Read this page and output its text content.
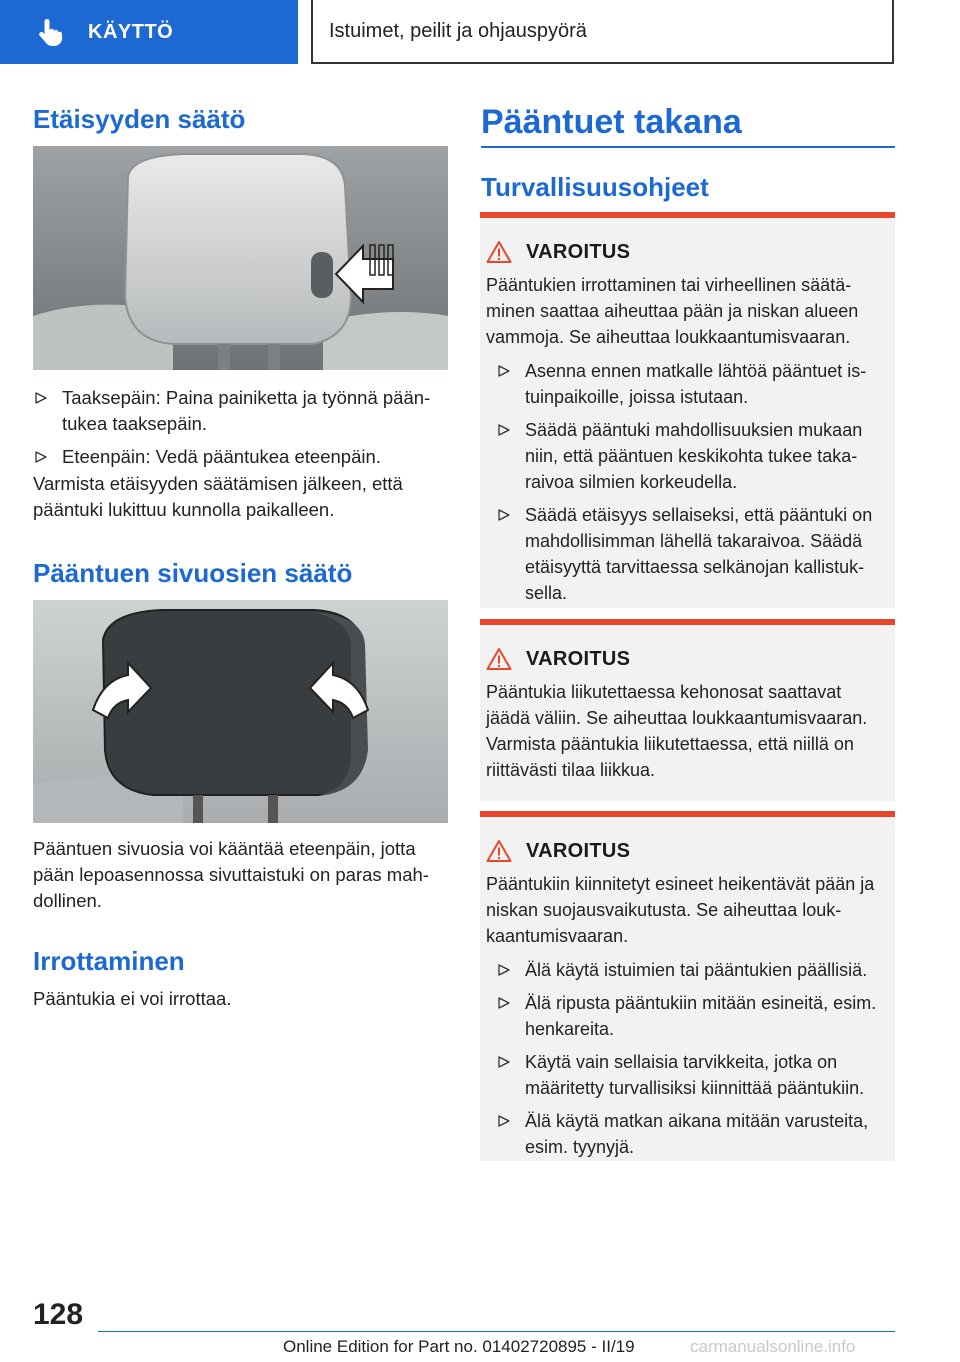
KÄYTTÖ	Istuimet, peilit ja ohjauspyörä
Etäisyyden säätö
Taaksepäin: Paina painiketta ja työnnä pääntukea taaksepäin.
Eteenpäin: Vedä pääntukea eteenpäin.
Varmista etäisyyden säätämisen jälkeen, että pääntuki lukittuu kunnolla paikalleen.
Pääntuen sivuosien säätö
Pääntuen sivuosia voi kääntää eteenpäin, jotta pään lepoasennossa sivuttaistuki on paras mahdollinen.
Irrottaminen
Pääntukia ei voi irrottaa.
Pääntuet takana
Turvallisuusohjeet
VAROITUS
Pääntukien irrottaminen tai virheellinen säätäminen saattaa aiheuttaa pään ja niskan alueen vammoja. Se aiheuttaa loukkaantumisvaaran.
Asenna ennen matkalle lähtöä pääntuet istuinpaikoille, joissa istutaan.
Säädä pääntuki mahdollisuuksien mukaan niin, että pääntuen keskikohta tukee takaraivoa silmien korkeudella.
Säädä etäisyys sellaiseksi, että pääntuki on mahdollisimman lähellä takaraivoa. Säädä etäisyyttä tarvittaessa selkänojan kallistuksella.
VAROITUS
Pääntukia liikutettaessa kehonosat saattavat jäädä väliin. Se aiheuttaa loukkaantumisvaaran. Varmista pääntukia liikutettaessa, että niillä on riittävästi tilaa liikkua.
VAROITUS
Pääntukiin kiinnitetyt esineet heikentävät pään ja niskan suojausvaikutusta. Se aiheuttaa loukkaantumisvaaran.
Älä käytä istuimien tai pääntukien päällisiä.
Älä ripusta pääntukiin mitään esineitä, esim. henkareita.
Käytä vain sellaisia tarvikkeita, jotka on määritetty turvallisiksi kiinnittää pääntukiin.
Älä käytä matkan aikana mitään varusteita, esim. tyynyjä.
128
Online Edition for Part no. 01402720895 - II/19	carmanualsonline.info
